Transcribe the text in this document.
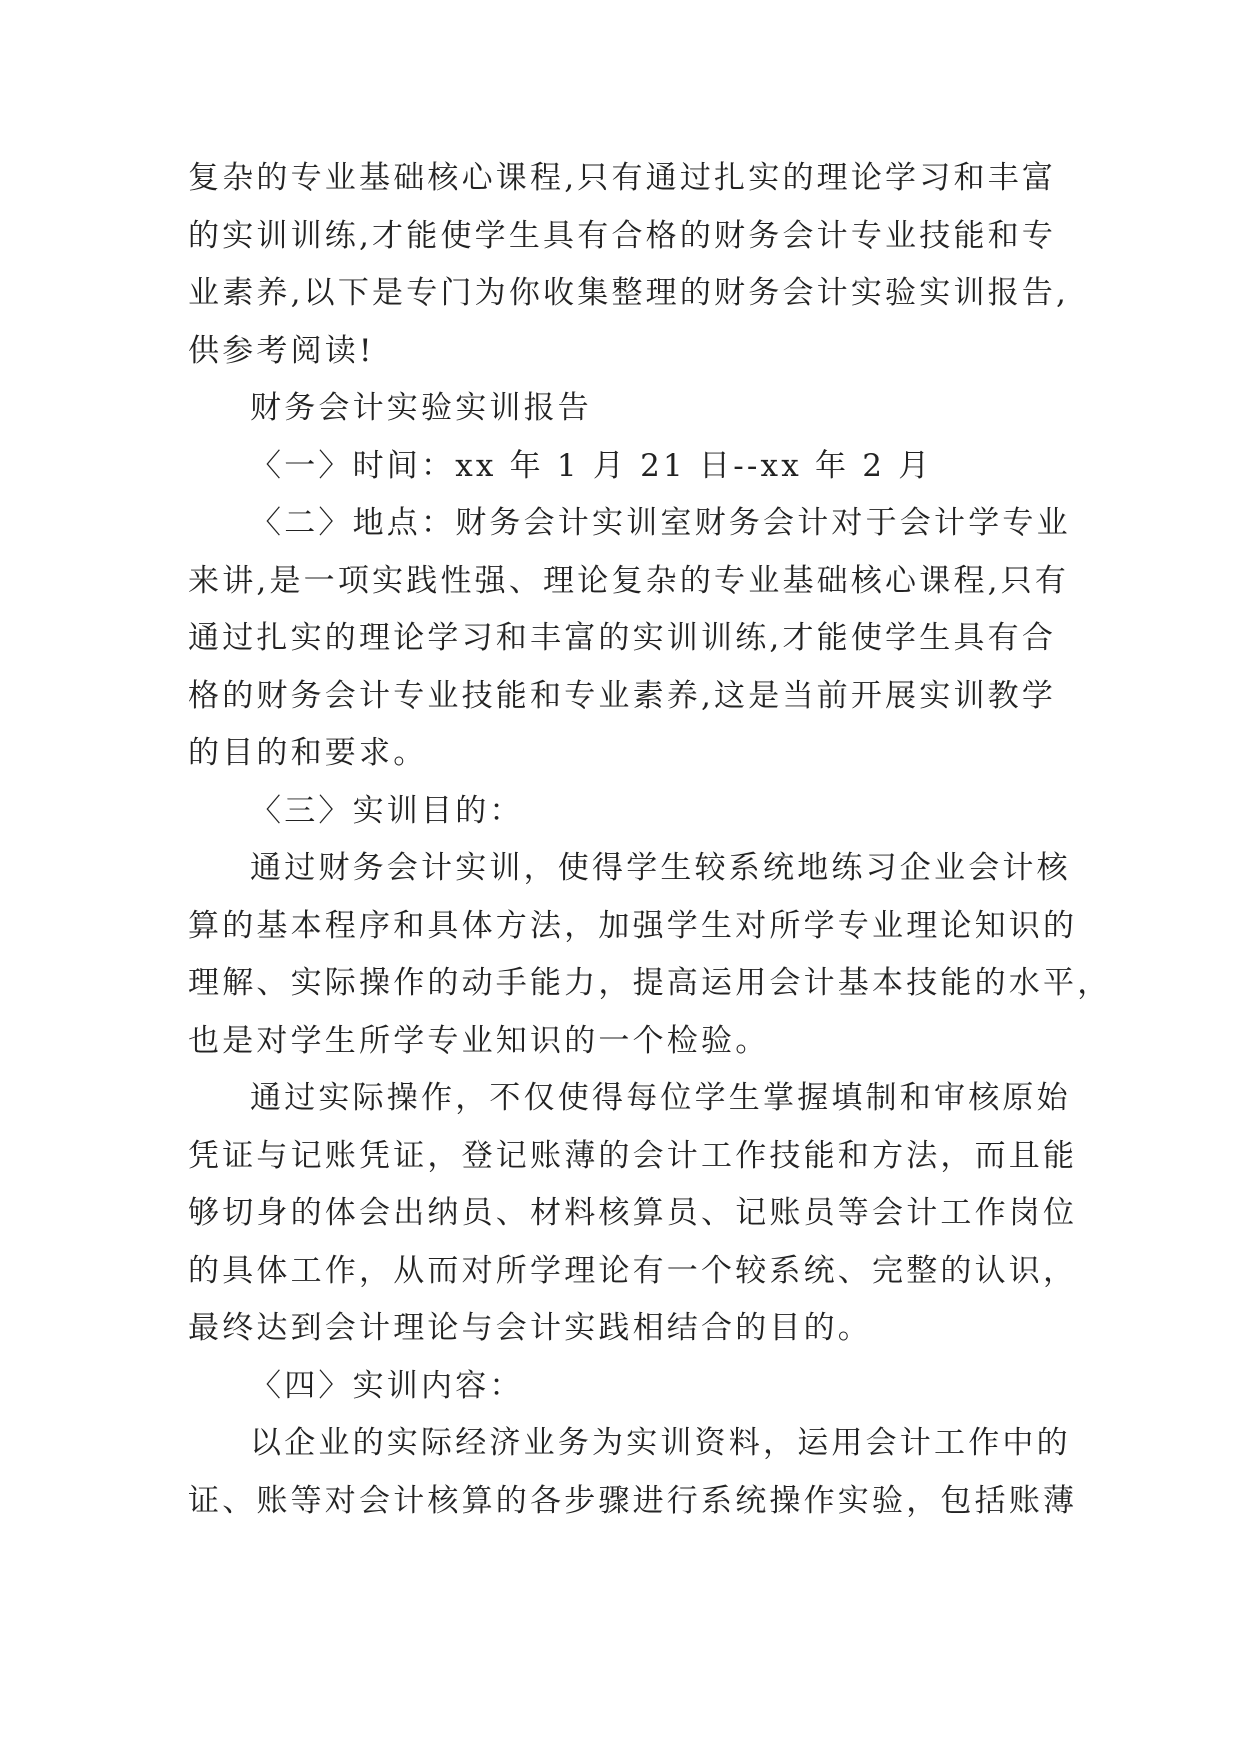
复杂的专业基础核心课程,只有通过扎实的理论学习和丰富
的实训训练,才能使学生具有合格的财务会计专业技能和专
业素养,以下是专门为你收集整理的财务会计实验实训报告,
供参考阅读!
财务会计实验实训报告
〈一〉时间：xx 年 1 月 21 日--xx 年 2 月
〈二〉地点：财务会计实训室财务会计对于会计学专业
来讲,是一项实践性强、理论复杂的专业基础核心课程,只有
通过扎实的理论学习和丰富的实训训练,才能使学生具有合
格的财务会计专业技能和专业素养,这是当前开展实训教学
的目的和要求。
〈三〉实训目的：
通过财务会计实训，使得学生较系统地练习企业会计核
算的基本程序和具体方法，加强学生对所学专业理论知识的
理解、实际操作的动手能力，提高运用会计基本技能的水平，
也是对学生所学专业知识的一个检验。
通过实际操作，不仅使得每位学生掌握填制和审核原始
凭证与记账凭证，登记账薄的会计工作技能和方法，而且能
够切身的体会出纳员、材料核算员、记账员等会计工作岗位
的具体工作，从而对所学理论有一个较系统、完整的认识，
最终达到会计理论与会计实践相结合的目的。
〈四〉实训内容：
以企业的实际经济业务为实训资料，运用会计工作中的
证、账等对会计核算的各步骤进行系统操作实验，包括账薄
